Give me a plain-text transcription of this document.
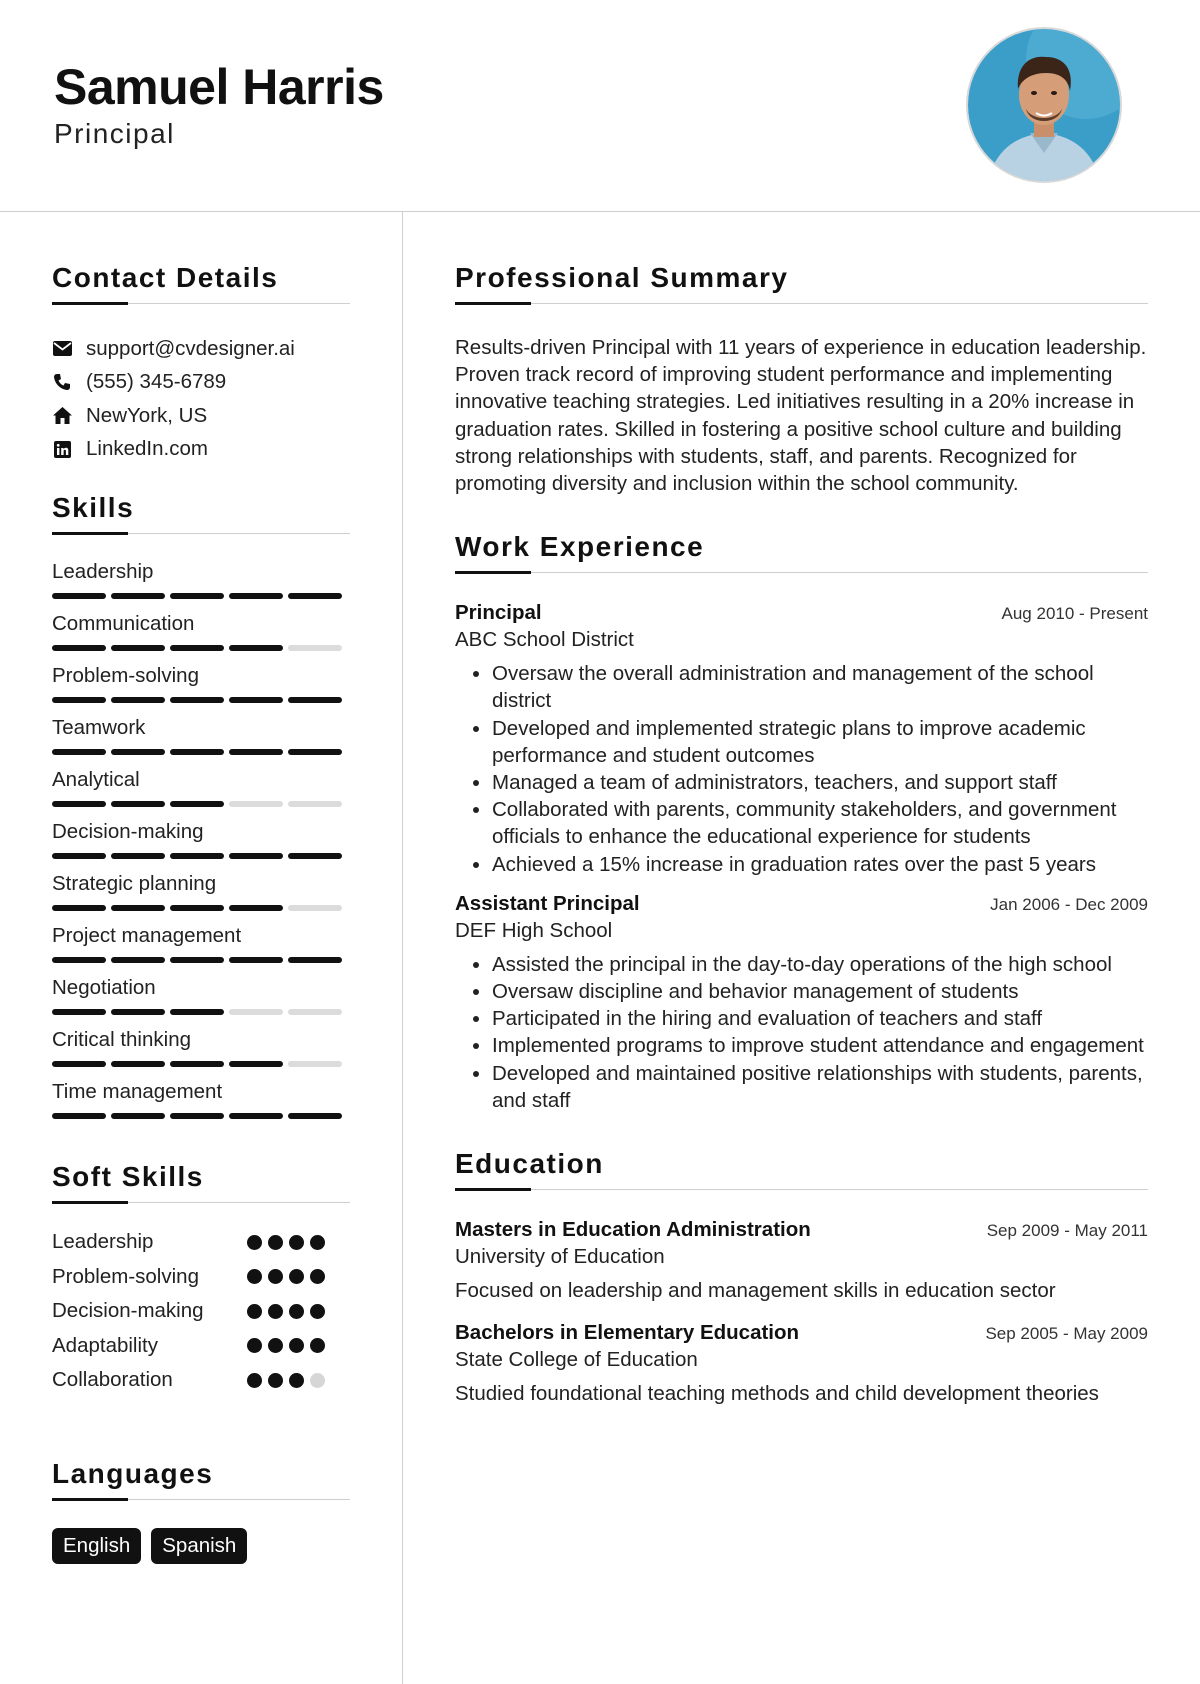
Samuel Harris
Principal
Contact Details
support@cvdesigner.ai
(555) 345-6789
NewYork, US
LinkedIn.com
Skills
Leadership
Communication
Problem-solving
Teamwork
Analytical
Decision-making
Strategic planning
Project management
Negotiation
Critical thinking
Time management
Soft Skills
Leadership
Problem-solving
Decision-making
Adaptability
Collaboration
Languages
English	Spanish
Professional Summary

Results-driven Principal with 11 years of experience in education leadership. Proven track record of improving student performance and implementing innovative teaching strategies. Led initiatives resulting in a 20% increase in graduation rates. Skilled in fostering a positive school culture and building strong relationships with students, staff, and parents. Recognized for promoting diversity and inclusion within the school community.

Work Experience
Principal	Aug 2010 - Present
ABC School District
• Oversaw the overall administration and management of the school district
• Developed and implemented strategic plans to improve academic performance and student outcomes
• Managed a team of administrators, teachers, and support staff
• Collaborated with parents, community stakeholders, and government officials to enhance the educational experience for students
• Achieved a 15% increase in graduation rates over the past 5 years
Assistant Principal	Jan 2006 - Dec 2009
DEF High School
• Assisted the principal in the day-to-day operations of the high school
• Oversaw discipline and behavior management of students
• Participated in the hiring and evaluation of teachers and staff
• Implemented programs to improve student attendance and engagement
• Developed and maintained positive relationships with students, parents, and staff
Education
Masters in Education Administration	Sep 2009 - May 2011
University of Education
Focused on leadership and management skills in education sector
Bachelors in Elementary Education	Sep 2005 - May 2009
State College of Education
Studied foundational teaching methods and child development theories
